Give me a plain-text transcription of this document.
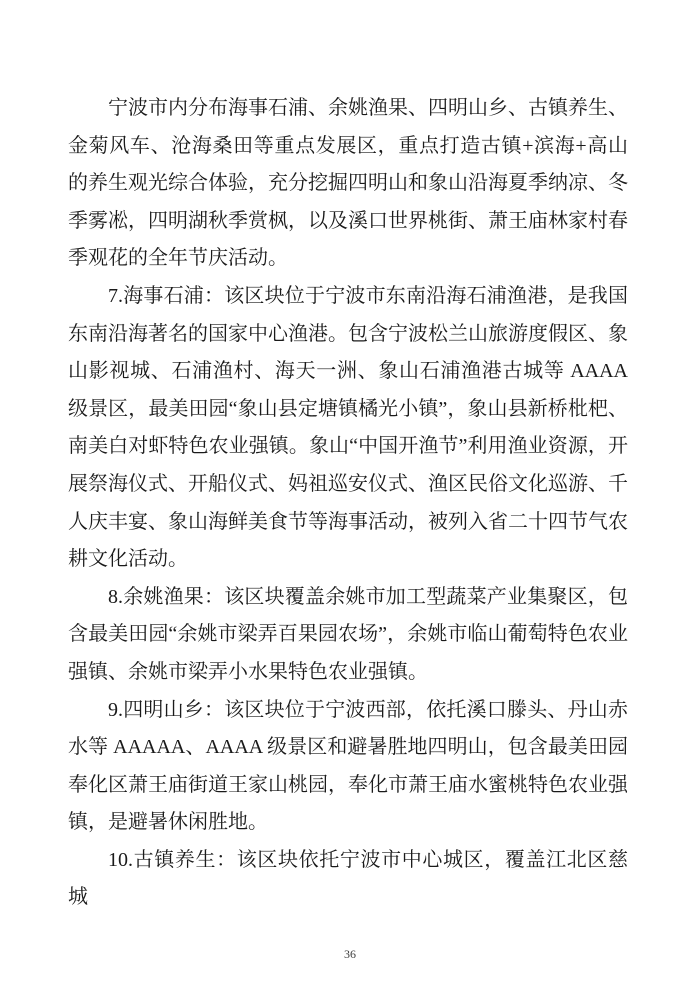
宁波市内分布海事石浦、余姚渔果、四明山乡、古镇养生、金菊风车、沧海桑田等重点发展区，重点打造古镇+滨海+高山的养生观光综合体验，充分挖掘四明山和象山沿海夏季纳凉、冬季雾凇，四明湖秋季赏枫，以及溪口世界桃街、萧王庙林家村春季观花的全年节庆活动。

7.海事石浦：该区块位于宁波市东南沿海石浦渔港，是我国东南沿海著名的国家中心渔港。包含宁波松兰山旅游度假区、象山影视城、石浦渔村、海天一洲、象山石浦渔港古城等 AAAA 级景区，最美田园“象山县定塘镇橘光小镇”，象山县新桥枇杷、南美白对虾特色农业强镇。象山“中国开渔节”利用渔业资源，开展祭海仪式、开船仪式、妈祖巡安仪式、渔区民俗文化巡游、千人庆丰宴、象山海鲜美食节等海事活动，被列入省二十四节气农耕文化活动。

8.余姚渔果：该区块覆盖余姚市加工型蔬菜产业集聚区，包含最美田园“余姚市梁弄百果园农场”，余姚市临山葡萄特色农业强镇、余姚市梁弄小水果特色农业强镇。

9.四明山乡：该区块位于宁波西部，依托溪口滕头、丹山赤水等 AAAAA、AAAA 级景区和避暑胜地四明山，包含最美田园奉化区萧王庙街道王家山桃园，奉化市萧王庙水蜜桃特色农业强镇，是避暑休闲胜地。

10.古镇养生：该区块依托宁波市中心城区，覆盖江北区慈城

36
